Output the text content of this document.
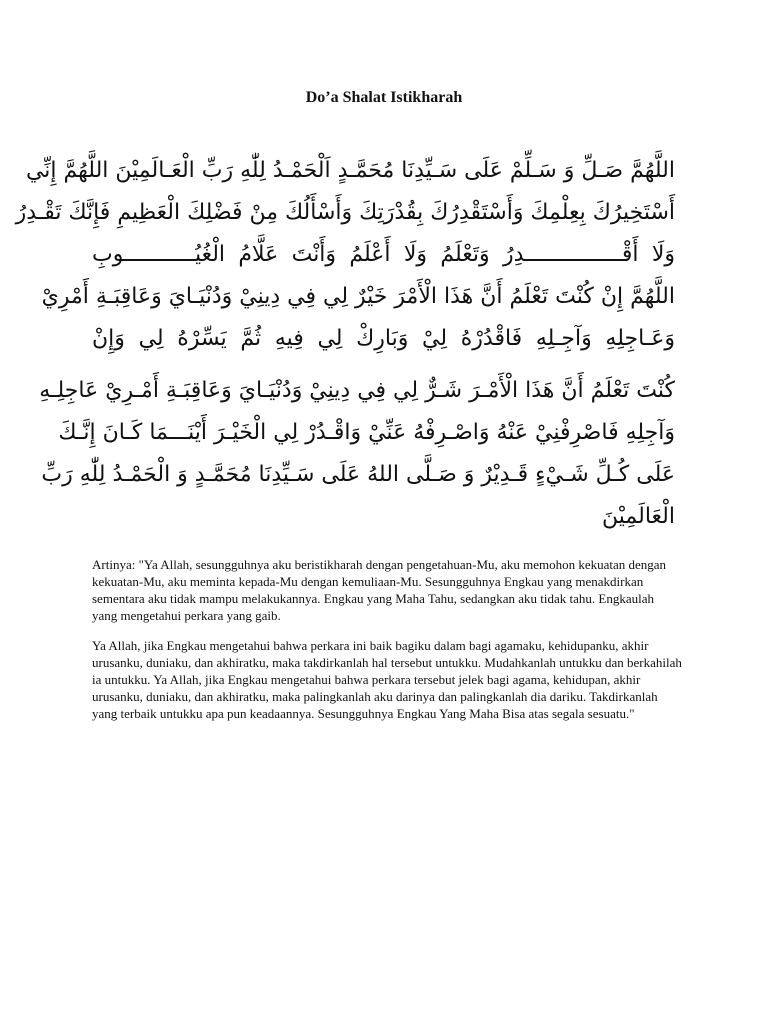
Do’a Shalat Istikharah
اللَّهُمَّ صَـلِّ وَ سَـلِّمْ عَلَى سَـيِّدِنَا مُحَمَّـدٍ اَلْحَمْـدُ لِلّٰهِ رَبِّ الْعَـالَمِيْنَ اللَّهُمَّ إِنِّي
أَسْتَخِيرُكَ بِعِلْمِكَ وَأَسْتَقْدِرُكَ بِقُدْرَتِكَ وَأَسْأَلُكَ مِنْ فَضْلِكَ الْعَظِيمِ فَإِنَّكَ تَقْـدِرُ
وَلَا أَقْـــــــــــــــدِرُ وَتَعْلَمُ وَلَا أَعْلَمُ وَأَنْتَ عَلَّامُ الْغُيُـــــــــــوبِ
اللَّهُمَّ إِنْ كُنْتَ تَعْلَمُ أَنَّ هَذَا الْأَمْرَ خَيْرٌ لِي فِي دِينِيْ وَدُنْيَـايَ وَعَاقِبَـةِ أَمْرِيْ
وَعَـاجِلِهِ وَآجِـلِهِ فَاقْدُرْهُ لِيْ وَبَارِكْ لِي فِيهِ ثُمَّ يَسِّرْهُ لِي وَإِنْ
كُنْتَ تَعْلَمُ أَنَّ هَذَا الْأَمْـرَ شَـرٌّ لِي فِي دِينِيْ وَدُنْيَـايَ وَعَاقِبَـةِ أَمْـرِيْ عَاجِلِـهِ
وَآجِلِهِ فَاصْرِفْنِيْ عَنْهُ وَاصْـرِفْهُ عَنِّيْ وَاقْـدُرْ لِي الْخَيْـرَ أَيْنَـــمَا كَـانَ إِنَّـكَ
عَلَى كُـلِّ شَـيْءٍ قَـدِيْرٌ وَ صَـلَّى اللهُ عَلَى سَـيِّدِنَا مُحَمَّـدٍ وَ الْحَمْـدُ لِلّٰهِ رَبِّ
الْعَالَمِيْنَ

Artinya: "Ya Allah, sesungguhnya aku beristikharah dengan pengetahuan-Mu, aku memohon kekuatan dengan kekuatan-Mu, aku meminta kepada-Mu dengan kemuliaan-Mu. Sesungguhnya Engkau yang menakdirkan sementara aku tidak mampu melakukannya. Engkau yang Maha Tahu, sedangkan aku tidak tahu. Engkaulah yang mengetahui perkara yang gaib.

Ya Allah, jika Engkau mengetahui bahwa perkara ini baik bagiku dalam bagi agamaku, kehidupanku, akhir urusanku, duniaku, dan akhiratku, maka takdirkanlah hal tersebut untukku. Mudahkanlah untukku dan berkahilah ia untukku. Ya Allah, jika Engkau mengetahui bahwa perkara tersebut jelek bagi agama, kehidupan, akhir urusanku, duniaku, dan akhiratku, maka palingkanlah aku darinya dan palingkanlah dia dariku. Takdirkanlah yang terbaik untukku apa pun keadaannya. Sesungguhnya Engkau Yang Maha Bisa atas segala sesuatu."
